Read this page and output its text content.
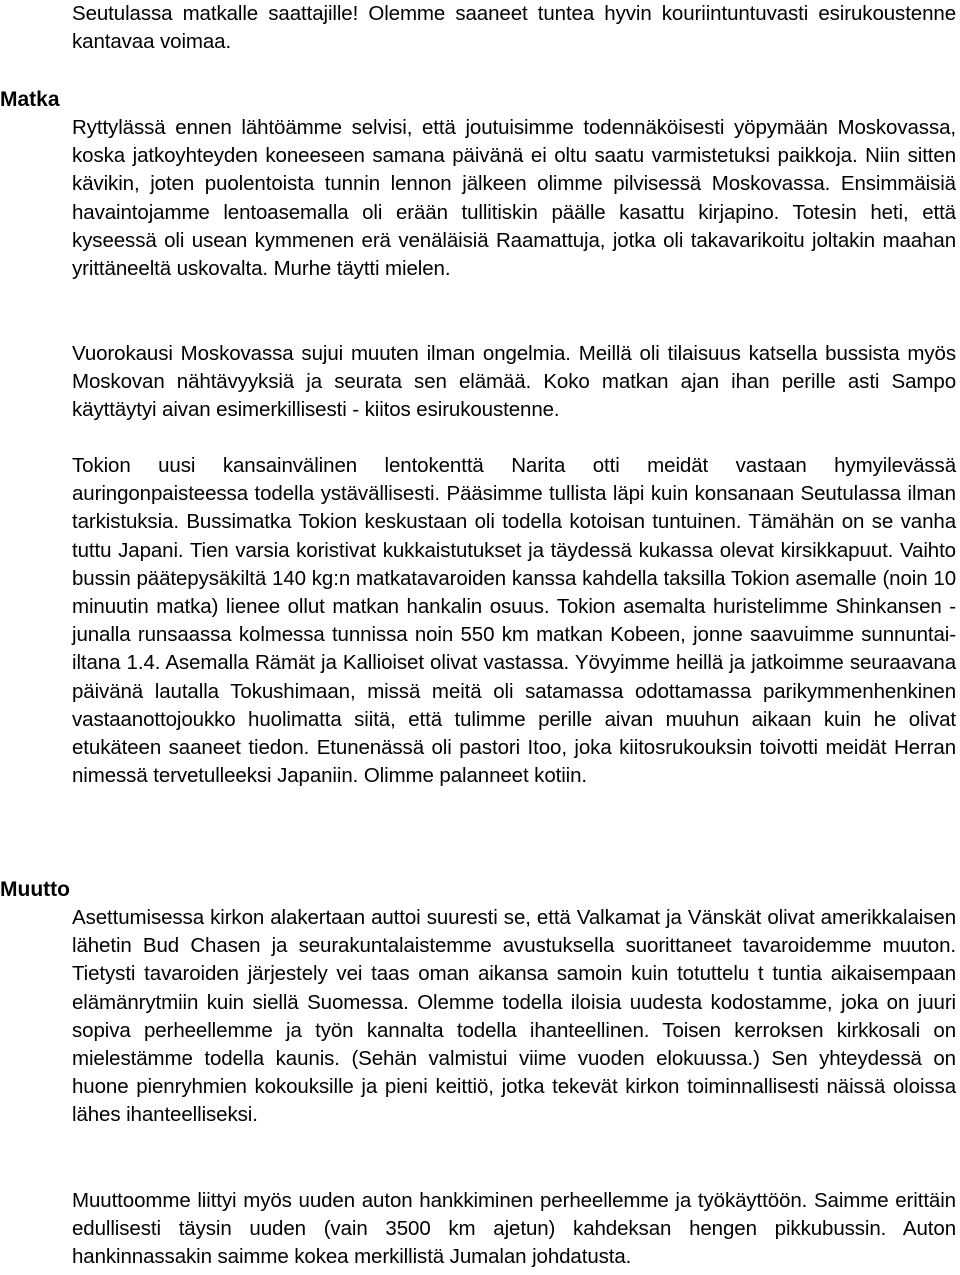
Seutulassa matkalle saattajille! Olemme saaneet tuntea hyvin kouriintuntuvasti esirukoustenne kantavaa voimaa.

Matka

Ryttylässä ennen lähtöämme selvisi, että joutuisimme todennäköisesti yöpymään Moskovassa, koska jatkoyhteyden koneeseen samana päivänä ei oltu saatu varmistetuksi paikkoja. Niin sitten kävikin, joten puolentoista tunnin lennon jälkeen olimme pilvisessä Moskovassa. Ensimmäisiä havaintojamme lentoasemalla oli erään tullitiskin päälle kasattu kirjapino. Totesin heti, että kyseessä oli usean kymmenen erä venäläisiä Raamattuja, jotka oli takavarikoitu joltakin maahan yrittäneeltä uskovalta. Murhe täytti mielen.

Vuorokausi Moskovassa sujui muuten ilman ongelmia. Meillä oli tilaisuus katsella bussista myös Moskovan nähtävyyksiä ja seurata sen elämää. Koko matkan ajan ihan perille asti Sampo käyttäytyi aivan esimerkillisesti - kiitos esirukoustenne.

Tokion uusi kansainvälinen lentokenttä Narita otti meidät vastaan hymyilevässä auringonpaisteessa todella ystävällisesti. Pääsimme tullista läpi kuin konsanaan Seutulassa ilman tarkistuksia. Bussimatka Tokion keskustaan oli todella kotoisan tuntuinen. Tämähän on se vanha tuttu Japani. Tien varsia koristivat kukkaistutukset ja täydessä kukassa olevat kirsikkapuut. Vaihto bussin päätepysäkiltä 140 kg:n matkatavaroiden kanssa kahdella taksilla Tokion asemalle (noin 10 minuutin matka) lienee ollut matkan hankalin osuus. Tokion asemalta huristelimme Shinkansen -junalla runsaassa kolmessa tunnissa noin 550 km matkan Kobeen, jonne saavuimme sunnuntai-iltana 1.4. Asemalla Rämät ja Kallioiset olivat vastassa. Yövyimme heillä ja jatkoimme seuraavana päivänä lautalla Tokushimaan, missä meitä oli satamassa odottamassa parikymmenhenkinen vastaanottojoukko huolimatta siitä, että tulimme perille aivan muuhun aikaan kuin he olivat etukäteen saaneet tiedon. Etunenässä oli pastori Itoo, joka kiitosrukouksin toivotti meidät Herran nimessä tervetulleeksi Japaniin. Olimme palanneet kotiin.

Muutto

Asettumisessa kirkon alakertaan auttoi suuresti se, että Valkamat ja Vänskät olivat amerikkalaisen lähetin Bud Chasen ja seurakuntalaistemme avustuksella suorittaneet tavaroidemme muuton. Tietysti tavaroiden järjestely vei taas oman aikansa samoin kuin totuttelu t tuntia aikaisempaan elämänrytmiin kuin siellä Suomessa. Olemme todella iloisia uudesta kodostamme, joka on juuri sopiva perheellemme ja työn kannalta todella ihanteellinen. Toisen kerroksen kirkkosali on mielestämme todella kaunis. (Sehän valmistui viime vuoden elokuussa.) Sen yhteydessä on huone pienryhmien kokouksille ja pieni keittiö, jotka tekevät kirkon toiminnallisesti näissä oloissa lähes ihanteelliseksi.

Muuttoomme liittyi myös uuden auton hankkiminen perheellemme ja työkäyttöön. Saimme erittäin edullisesti täysin uuden (vain 3500 km ajetun) kahdeksan hengen pikkubussin. Auton hankinnassakin saimme kokea merkillistä Jumalan johdatusta.
